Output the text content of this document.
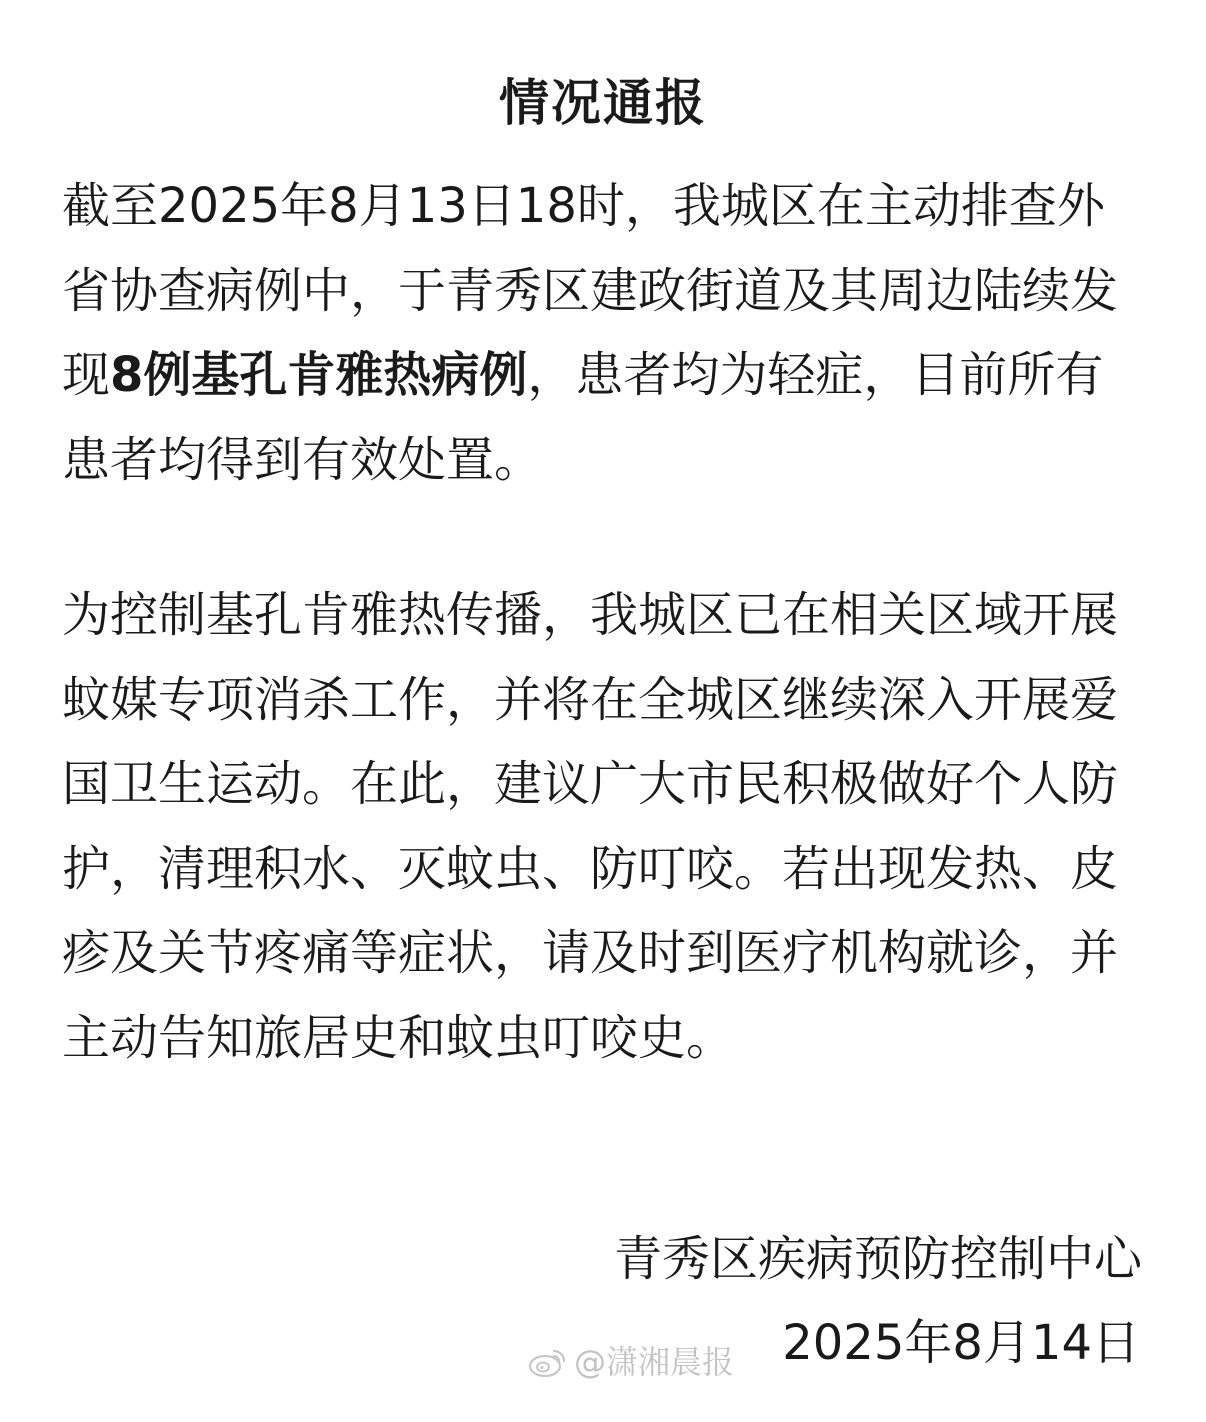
情况通报

截至2025年8月13日18时，我城区在主动排查外省协查病例中，于青秀区建政街道及其周边陆续发现8例基孔肯雅热病例，患者均为轻症，目前所有患者均得到有效处置。

为控制基孔肯雅热传播，我城区已在相关区域开展蚊媒专项消杀工作，并将在全城区继续深入开展爱国卫生运动。在此，建议广大市民积极做好个人防护，清理积水、灭蚊虫、防叮咬。若出现发热、皮疹及关节疼痛等症状，请及时到医疗机构就诊，并主动告知旅居史和蚊虫叮咬史。

青秀区疾病预防控制中心
2025年8月14日
@潇湘晨报
